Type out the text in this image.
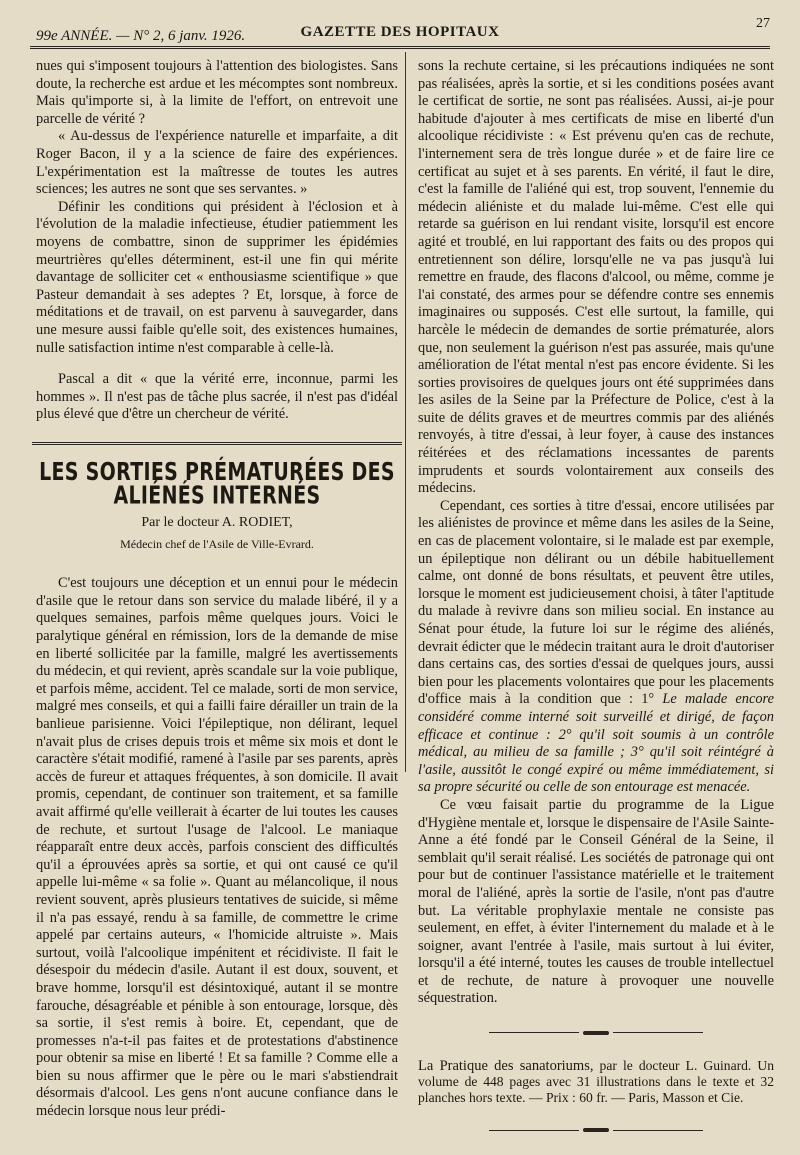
99e ANNÉE. — N° 2, 6 janv. 1926.	GAZETTE DES HOPITAUX
27

nues qui s'imposent toujours à l'attention des biologistes. Sans doute, la recherche est ardue et les mécomptes sont nombreux. Mais qu'importe si, à la limite de l'effort, on entrevoit une parcelle de vérité ?

« Au-dessus de l'expérience naturelle et imparfaite, a dit Roger Bacon, il y a la science de faire des expériences. L'expérimentation est la maîtresse de toutes les autres sciences; les autres ne sont que ses servantes. »

Définir les conditions qui président à l'éclosion et à l'évolution de la maladie infectieuse, étudier patiemment les moyens de combattre, sinon de supprimer les épidémies meurtrières qu'elles déterminent, est-il une fin qui mérite davantage de solliciter cet « enthousiasme scientifique » que Pasteur demandait à ses adeptes ? Et, lorsque, à force de méditations et de travail, on est parvenu à sauvegarder, dans une mesure aussi faible qu'elle soit, des existences humaines, nulle satisfaction intime n'est comparable à celle-là.

Pascal a dit « que la vérité erre, inconnue, parmi les hommes ». Il n'est pas de tâche plus sacrée, il n'est pas d'idéal plus élevé que d'être un chercheur de vérité.

LES SORTIES PRÉMATURÉES DES ALIÉNÉS INTERNÉS
Par le docteur A. RODIET,
Médecin chef de l'Asile de Ville-Evrard.

C'est toujours une déception et un ennui pour le médecin d'asile que le retour dans son service du malade libéré, il y a quelques semaines, parfois même quelques jours. Voici le paralytique général en rémission, lors de la demande de mise en liberté sollicitée par la famille, malgré les avertissements du médecin, et qui revient, après scandale sur la voie publique, et parfois même, accident. Tel ce malade, sorti de mon service, malgré mes conseils, et qui a failli faire dérailler un train de la banlieue parisienne. Voici l'épileptique, non délirant, lequel n'avait plus de crises depuis trois et même six mois et dont le caractère s'était modifié, ramené à l'asile par ses parents, après accès de fureur et attaques fréquentes, à son domicile. Il avait promis, cependant, de continuer son traitement, et sa famille avait affirmé qu'elle veillerait à écarter de lui toutes les causes de rechute, et surtout l'usage de l'alcool. Le maniaque réapparaît entre deux accès, parfois conscient des difficultés qu'il a éprouvées après sa sortie, et qui ont causé ce qu'il appelle lui-même « sa folie ». Quant au mélancolique, il nous revient souvent, après plusieurs tentatives de suicide, si même il n'a pas essayé, rendu à sa famille, de commettre le crime appelé par certains auteurs, « l'homicide altruiste ». Mais surtout, voilà l'alcoolique impénitent et récidiviste. Il fait le désespoir du médecin d'asile. Autant il est doux, souvent, et brave homme, lorsqu'il est désintoxiqué, autant il se montre farouche, désagréable et pénible à son entourage, lorsque, dès sa sortie, il s'est remis à boire. Et, cependant, que de promesses n'a-t-il pas faites et de protestations d'abstinence pour obtenir sa mise en liberté ! Et sa famille ? Comme elle a bien su nous affirmer que le père ou le mari s'abstiendrait désormais d'alcool. Les gens n'ont aucune confiance dans le médecin lorsque nous leur prédi-

sons la rechute certaine, si les précautions indiquées ne sont pas réalisées, après la sortie, et si les conditions posées avant le certificat de sortie, ne sont pas réalisées. Aussi, ai-je pour habitude d'ajouter à mes certificats de mise en liberté d'un alcoolique récidiviste : « Est prévenu qu'en cas de rechute, l'internement sera de très longue durée » et de faire lire ce certificat au sujet et à ses parents. En vérité, il faut le dire, c'est la famille de l'aliéné qui est, trop souvent, l'ennemie du médecin aliéniste et du malade lui-même. C'est elle qui retarde sa guérison en lui rendant visite, lorsqu'il est encore agité et troublé, en lui rapportant des faits ou des propos qui entretiennent son délire, lorsqu'elle ne va pas jusqu'à lui remettre en fraude, des flacons d'alcool, ou même, comme je l'ai constaté, des armes pour se défendre contre ses ennemis imaginaires ou supposés. C'est elle surtout, la famille, qui harcèle le médecin de demandes de sortie prématurée, alors que, non seulement la guérison n'est pas assurée, mais qu'une amélioration de l'état mental n'est pas encore évidente. Si les sorties provisoires de quelques jours ont été supprimées dans les asiles de la Seine par la Préfecture de Police, c'est à la suite de délits graves et de meurtres commis par des aliénés renvoyés, à titre d'essai, à leur foyer, à cause des instances réitérées et des réclamations incessantes de parents imprudents et sourds volontairement aux conseils des médecins.

Cependant, ces sorties à titre d'essai, encore utilisées par les aliénistes de province et même dans les asiles de la Seine, en cas de placement volontaire, si le malade est par exemple, un épileptique non délirant ou un débile habituellement calme, ont donné de bons résultats, et peuvent être utiles, lorsque le moment est judicieusement choisi, à tâter l'aptitude du malade à revivre dans son milieu social. En instance au Sénat pour étude, la future loi sur le régime des aliénés, devrait édicter que le médecin traitant aura le droit d'autoriser dans certains cas, des sorties d'essai de quelques jours, aussi bien pour les placements volontaires que pour les placements d'office mais à la condition que : 1° Le malade encore considéré comme interné soit surveillé et dirigé, de façon efficace et continue : 2° qu'il soit soumis à un contrôle médical, au milieu de sa famille ; 3° qu'il soit réintégré à l'asile, aussitôt le congé expiré ou même immédiatement, si sa propre sécurité ou celle de son entourage est menacée.

Ce vœu faisait partie du programme de la Ligue d'Hygiène mentale et, lorsque le dispensaire de l'Asile Sainte-Anne a été fondé par le Conseil Général de la Seine, il semblait qu'il serait réalisé. Les sociétés de patronage qui ont pour but de continuer l'assistance matérielle et le traitement moral de l'aliéné, après la sortie de l'asile, n'ont pas d'autre but. La véritable prophylaxie mentale ne consiste pas seulement, en effet, à éviter l'internement du malade et à le soigner, avant l'entrée à l'asile, mais surtout à lui éviter, lorsqu'il a été interné, toutes les causes de trouble intellectuel et de rechute, de nature à provoquer une nouvelle séquestration.

La Pratique des sanatoriums, par le docteur L. Guinard. Un volume de 448 pages avec 31 illustrations dans le texte et 32 planches hors texte. — Prix : 60 fr. — Paris, Masson et Cie.
